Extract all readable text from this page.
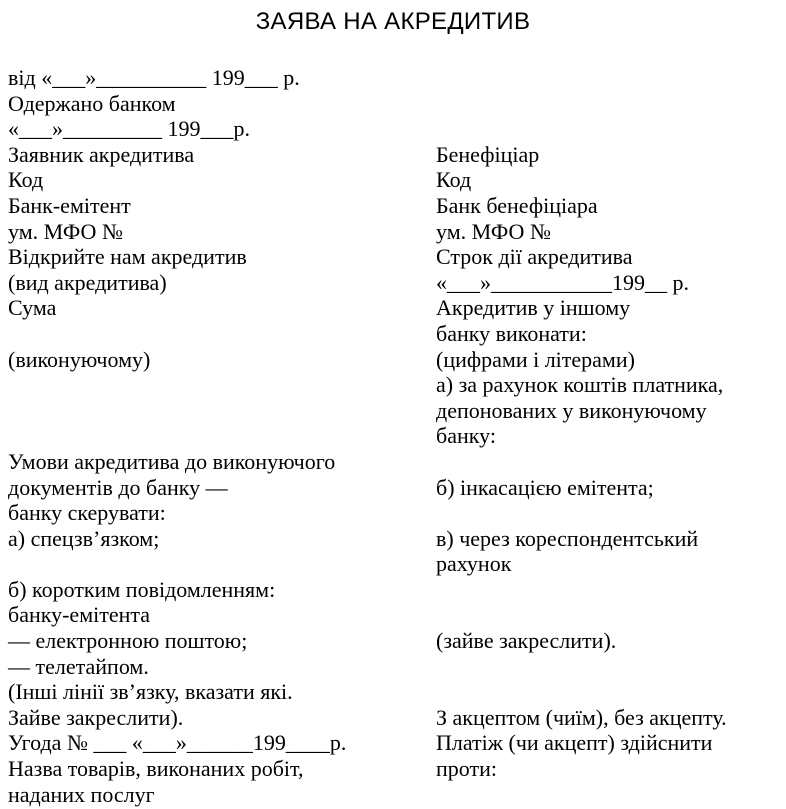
ЗАЯВА НА АКРЕДИТИВ
від «___»__________ 199___ р.
Одержано банком
«___»_________ 199___р.
Заявник акредитива
Код
Банк-емітент
ум. МФО №
Відкрийте нам акредитив
(вид акредитива)
Сума
(виконуючому)
Умови акредитива до виконуючого
документів до банку —
банку скерувати:
а) спецзв’язком;
б) коротким повідомленням:
банку-емітента
— електронною поштою;
— телетайпом.
(Інші лінії зв’язку, вказати які.
Зайве закреслити).
Угода № ___ «___»______199____р.
Назва товарів, виконаних робіт,
наданих послуг
Бенефіціар
Код
Банк бенефіціара
ум. МФО №
Строк дії акредитива
«___»___________199__ р.
Акредитив у іншому
банку виконати:
(цифрами і літерами)
а) за рахунок коштів платника,
депонованих у виконуючому
банку:
б) інкасацією емітента;
в) через кореспондентський
рахунок
(зайве закреслити).
З акцептом (чиїм), без акцепту.
Платіж (чи акцепт) здійснити
проти:
